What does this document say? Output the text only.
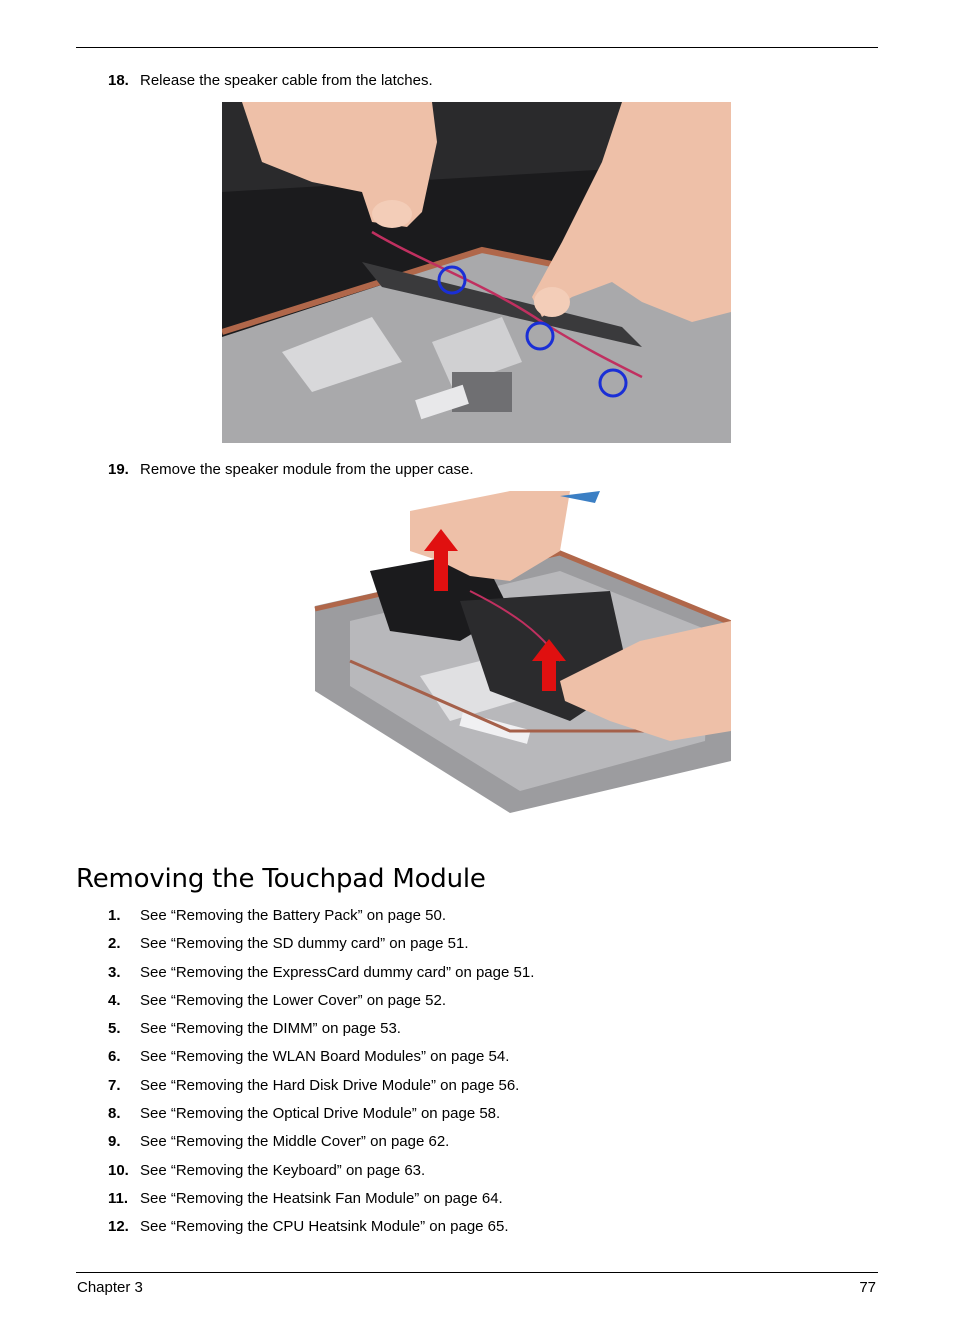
18. Release the speaker cable from the latches.
19. Remove the speaker module from the upper case.
Removing the Touchpad Module
1. See “Removing the Battery Pack” on page 50.
2. See “Removing the SD dummy card” on page 51.
3. See “Removing the ExpressCard dummy card” on page 51.
4. See “Removing the Lower Cover” on page 52.
5. See “Removing the DIMM” on page 53.
6. See “Removing the WLAN Board Modules” on page 54.
7. See “Removing the Hard Disk Drive Module” on page 56.
8. See “Removing the Optical Drive Module” on page 58.
9. See “Removing the Middle Cover” on page 62.
10. See “Removing the Keyboard” on page 63.
11. See “Removing the Heatsink Fan Module” on page 64.
12. See “Removing the CPU Heatsink Module” on page 65.
Chapter 3	77
